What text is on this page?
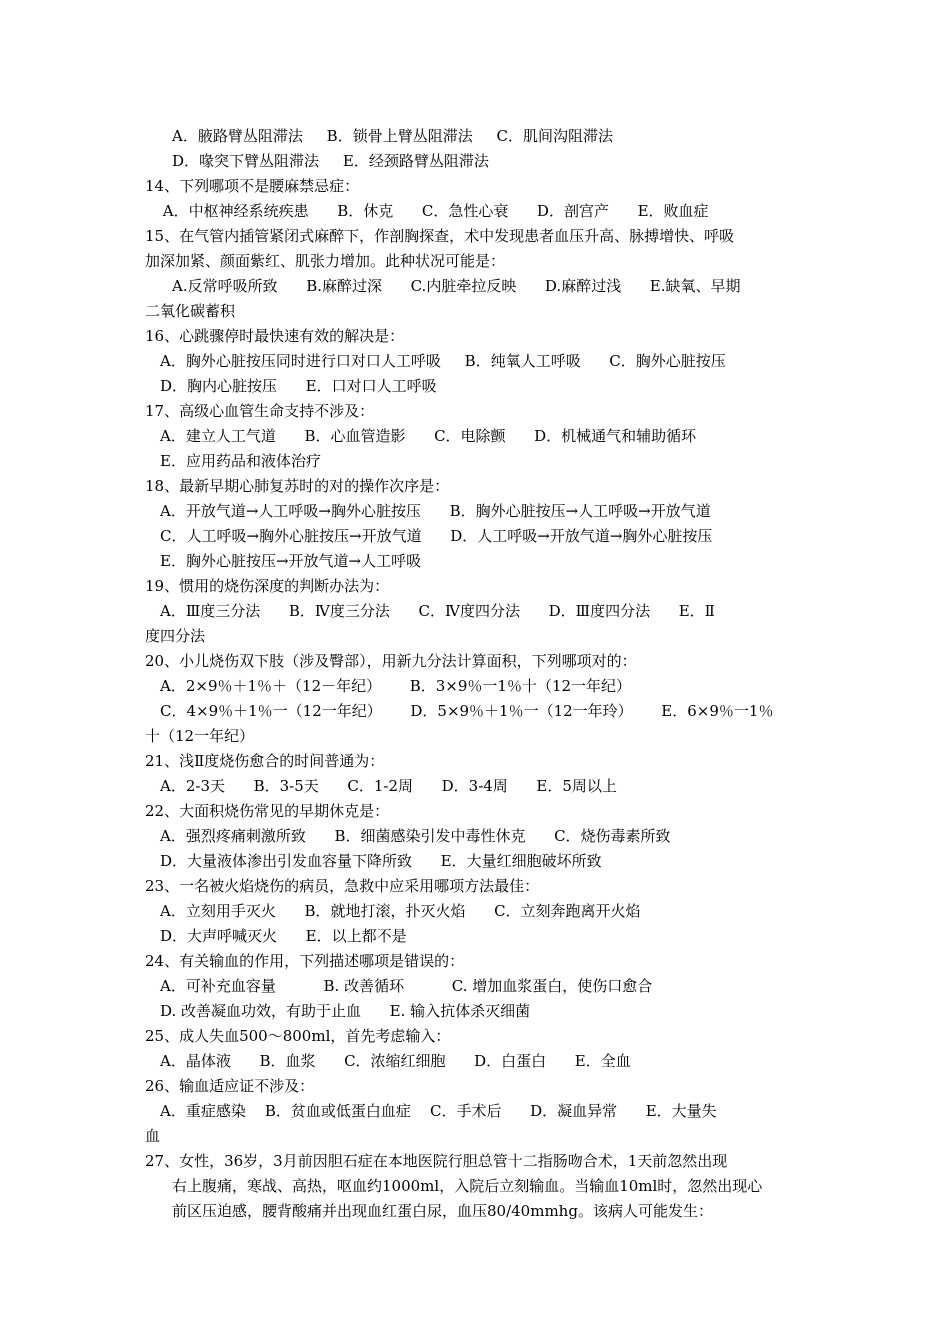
A．腋路臂丛阻滞法     B．锁骨上臂丛阻滞法     C．肌间沟阻滞法
D．喙突下臂丛阻滞法     E．经颈路臂丛阻滞法
14、下列哪项不是腰麻禁忌症：
A．中枢神经系统疾患      B．休克      C．急性心衰      D．剖宫产      E．败血症
15、在气管内插管紧闭式麻醉下，作剖胸探查，术中发现患者血压升高、脉搏增快、呼吸
加深加紧、颜面紫红、肌张力增加。此种状况可能是：
A.反常呼吸所致      B.麻醉过深      C.内脏牵拉反映      D.麻醉过浅      E.缺氧、早期
二氧化碳蓄积
16、心跳骤停时最快速有效的解决是：
A．胸外心脏按压同时进行口对口人工呼吸     B．纯氧人工呼吸      C．胸外心脏按压
D．胸内心脏按压      E．口对口人工呼吸
17、高级心血管生命支持不涉及：
A．建立人工气道      B．心血管造影      C．电除颤      D．机械通气和辅助循环
E．应用药品和液体治疗
18、最新早期心肺复苏时的对的操作次序是：
A．开放气道→人工呼吸→胸外心脏按压      B．胸外心脏按压→人工呼吸→开放气道
C．人工呼吸→胸外心脏按压→开放气道      D．人工呼吸→开放气道→胸外心脏按压
E．胸外心脏按压→开放气道→人工呼吸
19、惯用的烧伤深度的判断办法为：
A．Ⅲ度三分法      B．Ⅳ度三分法      C．Ⅳ度四分法      D．Ⅲ度四分法      E．Ⅱ
度四分法
20、小儿烧伤双下肢（涉及臀部），用新九分法计算面积，下列哪项对的：
A．2×9％＋1％＋（12－年纪）      B．3×9％一1％十（12一年纪）
C．4×9％＋1％一（12一年纪）      D．5×9％＋1％一（12一年玲）      E．6×9％一1％
十（12一年纪）
21、浅Ⅱ度烧伤愈合的时间普通为：
A．2-3天      B．3-5天      C．1-2周      D．3-4周      E．5周以上
22、大面积烧伤常见的早期休克是：
A．强烈疼痛刺激所致      B．细菌感染引发中毒性休克      C．烧伤毒素所致
D．大量液体渗出引发血容量下降所致      E．大量红细胞破坏所致
23、一名被火焰烧伤的病员，急救中应采用哪项方法最佳：
A．立刻用手灭火      B．就地打滚，扑灭火焰      C．立刻奔跑离开火焰
D．大声呼喊灭火      E．以上都不是
24、有关输血的作用，下列描述哪项是错误的：
A．可补充血容量          B. 改善循环          C. 增加血浆蛋白，使伤口愈合
D. 改善凝血功效，有助于止血      E. 输入抗体杀灭细菌
25、成人失血500～800ml，首先考虑输入：
A．晶体液      B．血浆      C．浓缩红细胞      D．白蛋白      E．全血
26、输血适应证不涉及：
A．重症感染    B．贫血或低蛋白血症    C．手术后      D．凝血异常      E．大量失
血
27、女性，36岁，3月前因胆石症在本地医院行胆总管十二指肠吻合术，1天前忽然出现
右上腹痛，寒战、高热，呕血约1000ml，入院后立刻输血。当输血10ml时，忽然出现心
前区压迫感，腰背酸痛并出现血红蛋白尿，血压80/40mmhg。该病人可能发生：
